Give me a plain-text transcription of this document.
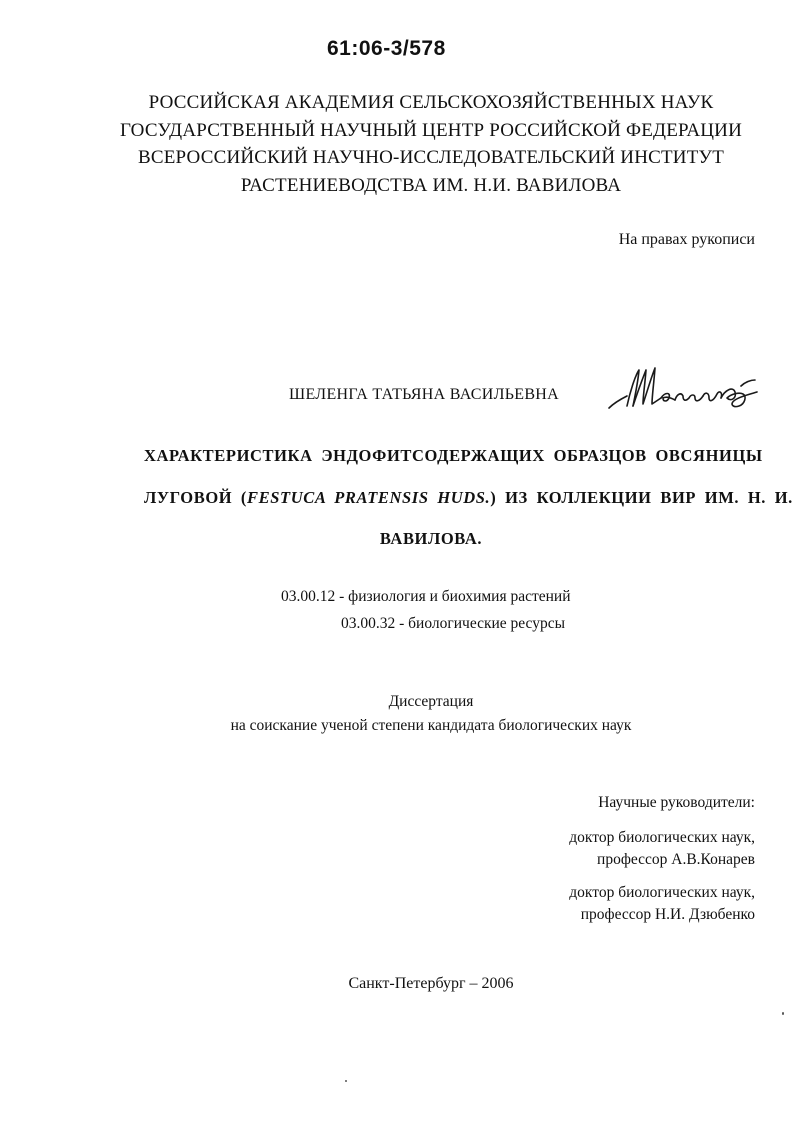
61:06-3/578
РОССИЙСКАЯ АКАДЕМИЯ СЕЛЬСКОХОЗЯЙСТВЕННЫХ НАУК
ГОСУДАРСТВЕННЫЙ НАУЧНЫЙ ЦЕНТР РОССИЙСКОЙ ФЕДЕРАЦИИ
ВСЕРОССИЙСКИЙ НАУЧНО-ИССЛЕДОВАТЕЛЬСКИЙ ИНСТИТУТ
РАСТЕНИЕВОДСТВА ИМ. Н.И. ВАВИЛОВА
На правах рукописи
ШЕЛЕНГА ТАТЬЯНА ВАСИЛЬЕВНА
ХАРАКТЕРИСТИКА ЭНДОФИТСОДЕРЖАЩИХ ОБРАЗЦОВ ОВСЯНИЦЫ
ЛУГОВОЙ (FESTUCA PRATENSIS HUDS.) ИЗ КОЛЛЕКЦИИ ВИР ИМ. Н. И.
ВАВИЛОВА.
03.00.12 - физиология и биохимия растений
03.00.32 - биологические ресурсы
Диссертация
на соискание ученой степени кандидата биологических наук
Научные руководители:
доктор биологических наук,
профессор А.В.Конарев
доктор биологических наук,
профессор Н.И. Дзюбенко
Санкт-Петербург – 2006
